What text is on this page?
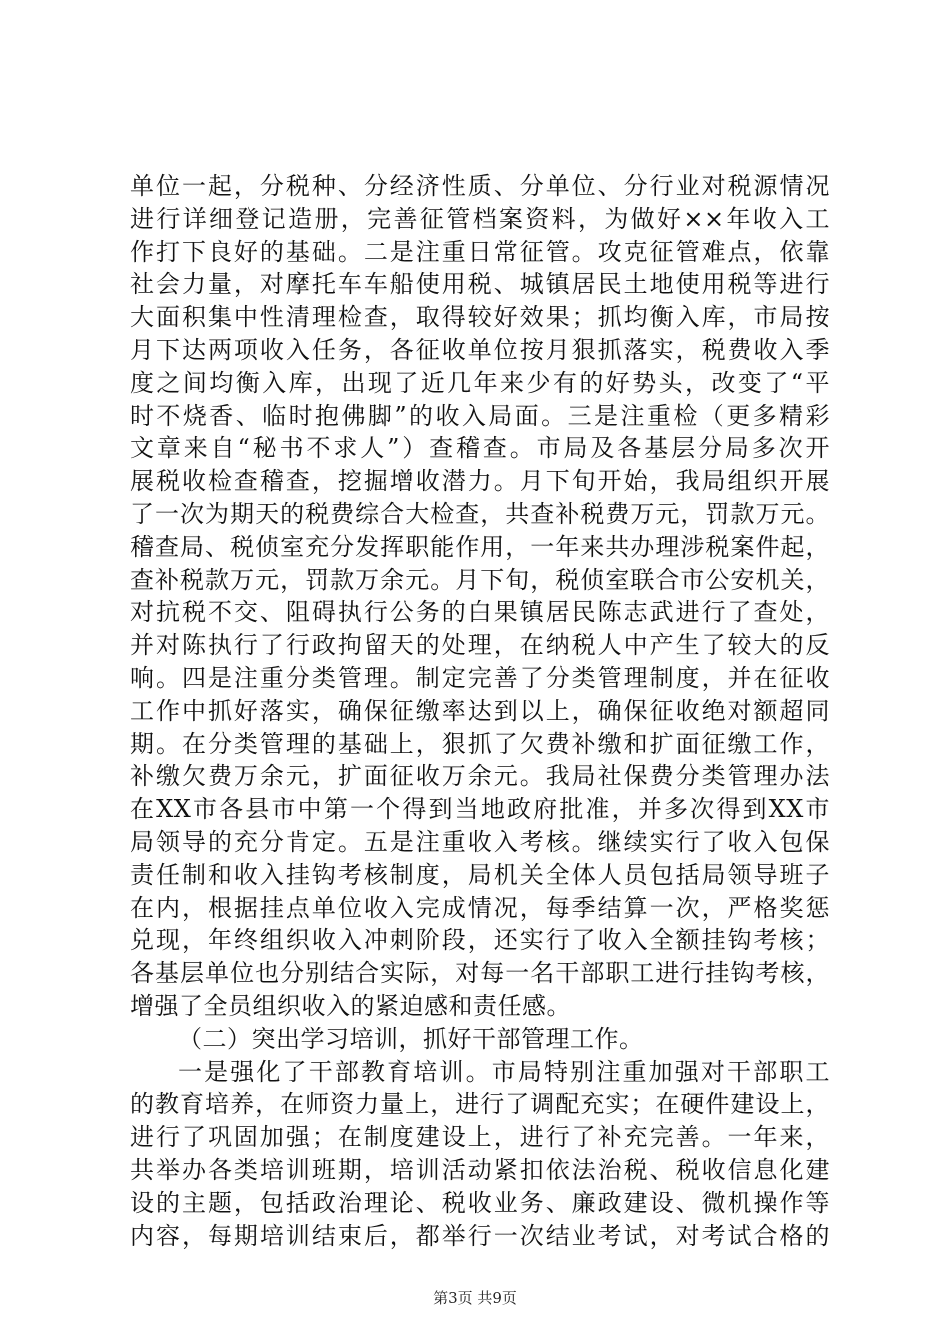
单位一起，分税种、分经济性质、分单位、分行业对税源情况
进行详细登记造册，完善征管档案资料，为做好××年收入工
作打下良好的基础。二是注重日常征管。攻克征管难点，依靠
社会力量，对摩托车车船使用税、城镇居民土地使用税等进行
大面积集中性清理检查，取得较好效果；抓均衡入库，市局按
月下达两项收入任务，各征收单位按月狠抓落实，税费收入季
度之间均衡入库，出现了近几年来少有的好势头，改变了“平
时不烧香、临时抱佛脚”的收入局面。三是注重检（更多精彩
文章来自“秘书不求人”）查稽查。市局及各基层分局多次开
展税收检查稽查，挖掘增收潜力。月下旬开始，我局组织开展
了一次为期天的税费综合大检查，共查补税费万元，罚款万元。
稽查局、税侦室充分发挥职能作用，一年来共办理涉税案件起，
查补税款万元，罚款万余元。月下旬，税侦室联合市公安机关，
对抗税不交、阻碍执行公务的白果镇居民陈志武进行了查处，
并对陈执行了行政拘留天的处理，在纳税人中产生了较大的反
响。四是注重分类管理。制定完善了分类管理制度，并在征收
工作中抓好落实，确保征缴率达到以上，确保征收绝对额超同
期。在分类管理的基础上，狠抓了欠费补缴和扩面征缴工作，
补缴欠费万余元，扩面征收万余元。我局社保费分类管理办法
在XX市各县市中第一个得到当地政府批准，并多次得到XX市
局领导的充分肯定。五是注重收入考核。继续实行了收入包保
责任制和收入挂钩考核制度，局机关全体人员包括局领导班子
在内，根据挂点单位收入完成情况，每季结算一次，严格奖惩
兑现，年终组织收入冲刺阶段，还实行了收入全额挂钩考核；
各基层单位也分别结合实际，对每一名干部职工进行挂钩考核，
增强了全员组织收入的紧迫感和责任感。
（二）突出学习培训，抓好干部管理工作。
一是强化了干部教育培训。市局特别注重加强对干部职工
的教育培养，在师资力量上，进行了调配充实；在硬件建设上，
进行了巩固加强；在制度建设上，进行了补充完善。一年来，
共举办各类培训班期，培训活动紧扣依法治税、税收信息化建
设的主题，包括政治理论、税收业务、廉政建设、微机操作等
内容，每期培训结束后，都举行一次结业考试，对考试合格的
第3页 共9页
